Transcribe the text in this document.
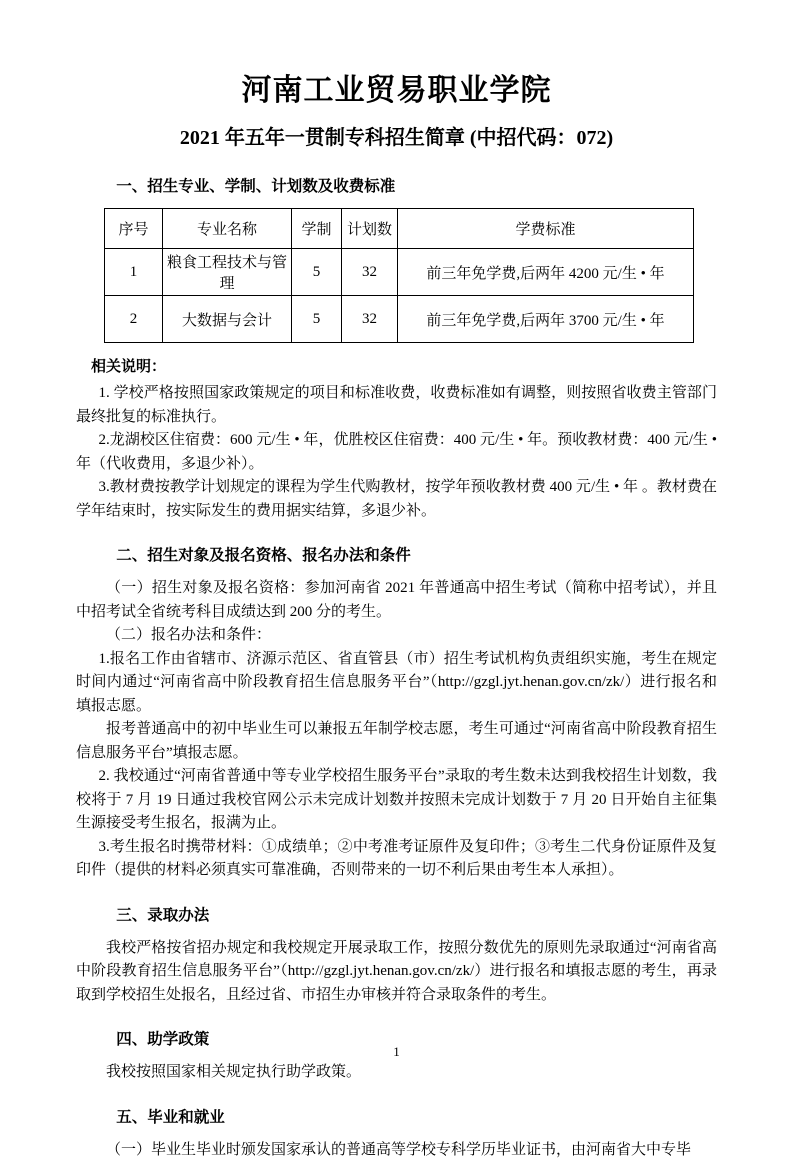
河南工业贸易职业学院
2021 年五年一贯制专科招生简章 (中招代码：072)
一、招生专业、学制、计划数及收费标准
序号	专业名称	学制	计划数	学费标准
1	粮食工程技术与管理	5	32	前三年免学费,后两年 4200 元/生 • 年
2	大数据与会计	5	32	前三年免学费,后两年 3700 元/生 • 年
相关说明：

1. 学校严格按照国家政策规定的项目和标准收费，收费标准如有调整，则按照省收费主管部门最终批复的标准执行。

2.龙湖校区住宿费：600 元/生 • 年，优胜校区住宿费：400 元/生 • 年。预收教材费：400 元/生 • 年（代收费用，多退少补）。

3.教材费按教学计划规定的课程为学生代购教材，按学年预收教材费 400 元/生 • 年 。教材费在学年结束时，按实际发生的费用据实结算，多退少补。

二、招生对象及报名资格、报名办法和条件

（一）招生对象及报名资格：参加河南省 2021 年普通高中招生考试（简称中招考试），并且中招考试全省统考科目成绩达到 200 分的考生。

（二）报名办法和条件：

1.报名工作由省辖市、济源示范区、省直管县（市）招生考试机构负责组织实施，考生在规定时间内通过“河南省高中阶段教育招生信息服务平台”（http://gzgl.jyt.henan.gov.cn/zk/）进行报名和填报志愿。

报考普通高中的初中毕业生可以兼报五年制学校志愿，考生可通过“河南省高中阶段教育招生信息服务平台”填报志愿。

2. 我校通过“河南省普通中等专业学校招生服务平台”录取的考生数未达到我校招生计划数，我校将于 7 月 19 日通过我校官网公示未完成计划数并按照未完成计划数于 7 月 20 日开始自主征集生源接受考生报名，报满为止。

3.考生报名时携带材料：①成绩单；②中考准考证原件及复印件；③考生二代身份证原件及复印件（提供的材料必须真实可靠准确，否则带来的一切不利后果由考生本人承担）。

三、录取办法

我校严格按省招办规定和我校规定开展录取工作，按照分数优先的原则先录取通过“河南省高中阶段教育招生信息服务平台”（http://gzgl.jyt.henan.gov.cn/zk/）进行报名和填报志愿的考生，再录取到学校招生处报名，且经过省、市招生办审核并符合录取条件的考生。

四、助学政策

我校按照国家相关规定执行助学政策。

五、毕业和就业

（一）毕业生毕业时颁发国家承认的普通高等学校专科学历毕业证书，由河南省大中专毕

1
